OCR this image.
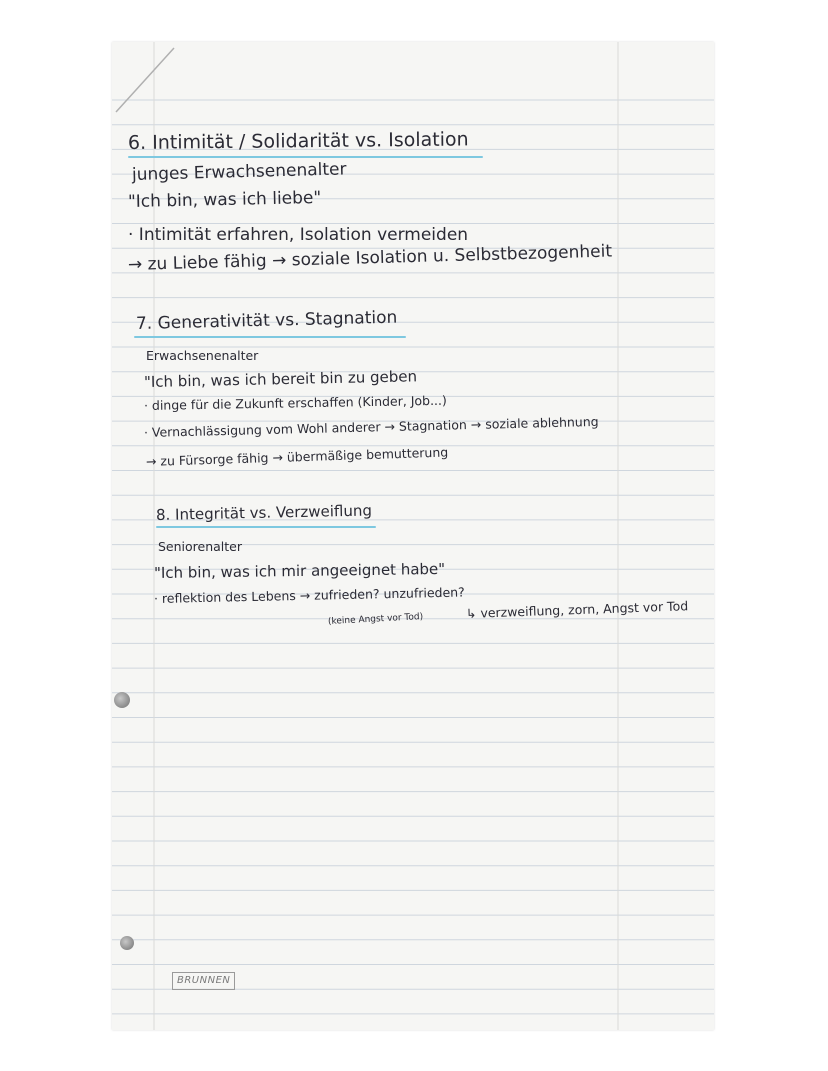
6. Intimität / Solidarität vs. Isolation
junges Erwachsenenalter
"Ich bin, was ich liebe"
· Intimität erfahren, Isolation vermeiden
→ zu Liebe fähig → soziale Isolation u. Selbstbezogenheit
7. Generativität vs. Stagnation
Erwachsenenalter
"Ich bin, was ich bereit bin zu geben
· dinge für die Zukunft erschaffen (Kinder, Job...)
· Vernachlässigung vom Wohl anderer → Stagnation → soziale ablehnung
→ zu Fürsorge fähig → übermäßige bemutterung
8. Integrität vs. Verzweiflung
Seniorenalter
"Ich bin, was ich mir angeeignet habe"
· reflektion des Lebens → zufrieden? unzufrieden?
(keine Angst vor Tod)	↳ verzweiflung, zorn, Angst vor Tod
BRUNNEN
